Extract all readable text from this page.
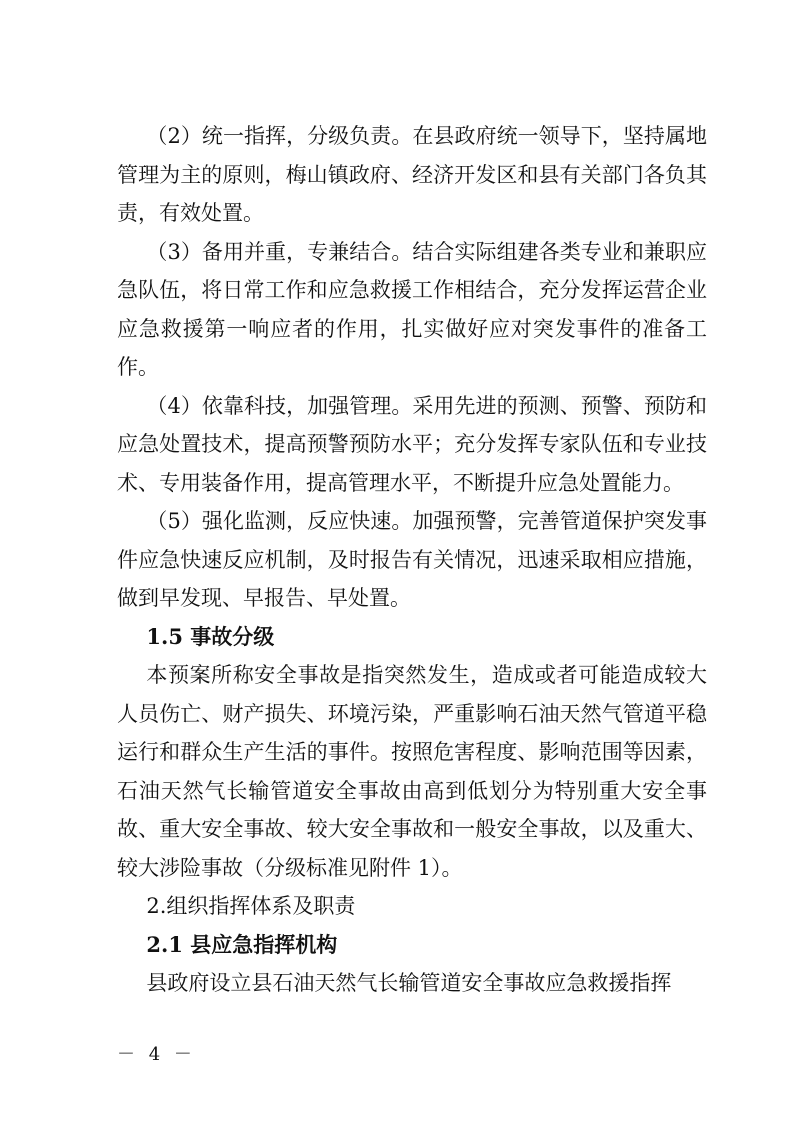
（2）统一指挥，分级负责。在县政府统一领导下，坚持属地管理为主的原则，梅山镇政府、经济开发区和县有关部门各负其责，有效处置。

（3）备用并重，专兼结合。结合实际组建各类专业和兼职应急队伍，将日常工作和应急救援工作相结合，充分发挥运营企业应急救援第一响应者的作用，扎实做好应对突发事件的准备工作。

（4）依靠科技，加强管理。采用先进的预测、预警、预防和应急处置技术，提高预警预防水平；充分发挥专家队伍和专业技术、专用装备作用，提高管理水平，不断提升应急处置能力。

（5）强化监测，反应快速。加强预警，完善管道保护突发事件应急快速反应机制，及时报告有关情况，迅速采取相应措施，做到早发现、早报告、早处置。

1.5 事故分级

本预案所称安全事故是指突然发生，造成或者可能造成较大人员伤亡、财产损失、环境污染，严重影响石油天然气管道平稳运行和群众生产生活的事件。按照危害程度、影响范围等因素，石油天然气长输管道安全事故由高到低划分为特别重大安全事故、重大安全事故、较大安全事故和一般安全事故，以及重大、较大涉险事故（分级标准见附件 1）。

2.组织指挥体系及职责
2.1 县应急指挥机构

县政府设立县石油天然气长输管道安全事故应急救援指挥

－ 4 －
